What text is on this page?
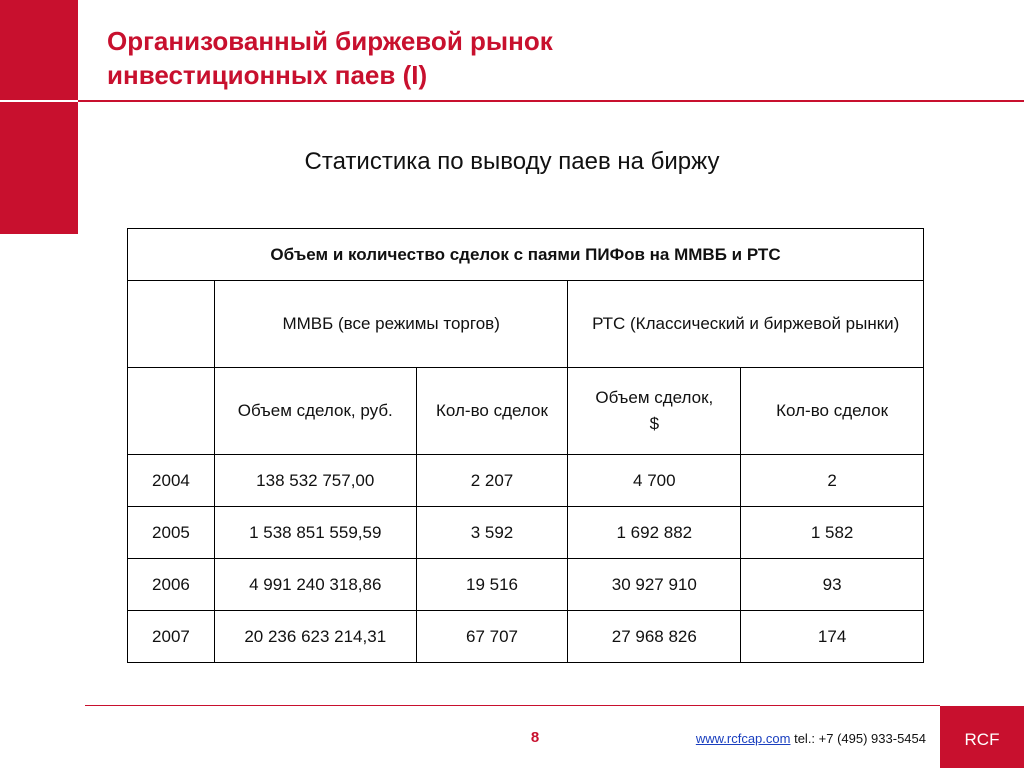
Организованный биржевой рынок
инвестиционных паев (I)
Статистика по выводу паев на биржу
Объем и количество сделок с паями ПИФов на ММВБ и РТС				
	ММВБ (все режимы торгов)		РТС (Классический и биржевой рынки)	
	Объем сделок, руб.	Кол-во сделок	Объем сделок, $	Кол-во сделок
2004	138 532 757,00	2 207	4 700	2
2005	1 538 851 559,59	3 592	1 692 882	1 582
2006	4 991 240 318,86	19 516	30 927 910	93
2007	20 236 623 214,31	67 707	27 968 826	174
8	www.rcfcap.com tel.: +7 (495) 933-5454 RCF
